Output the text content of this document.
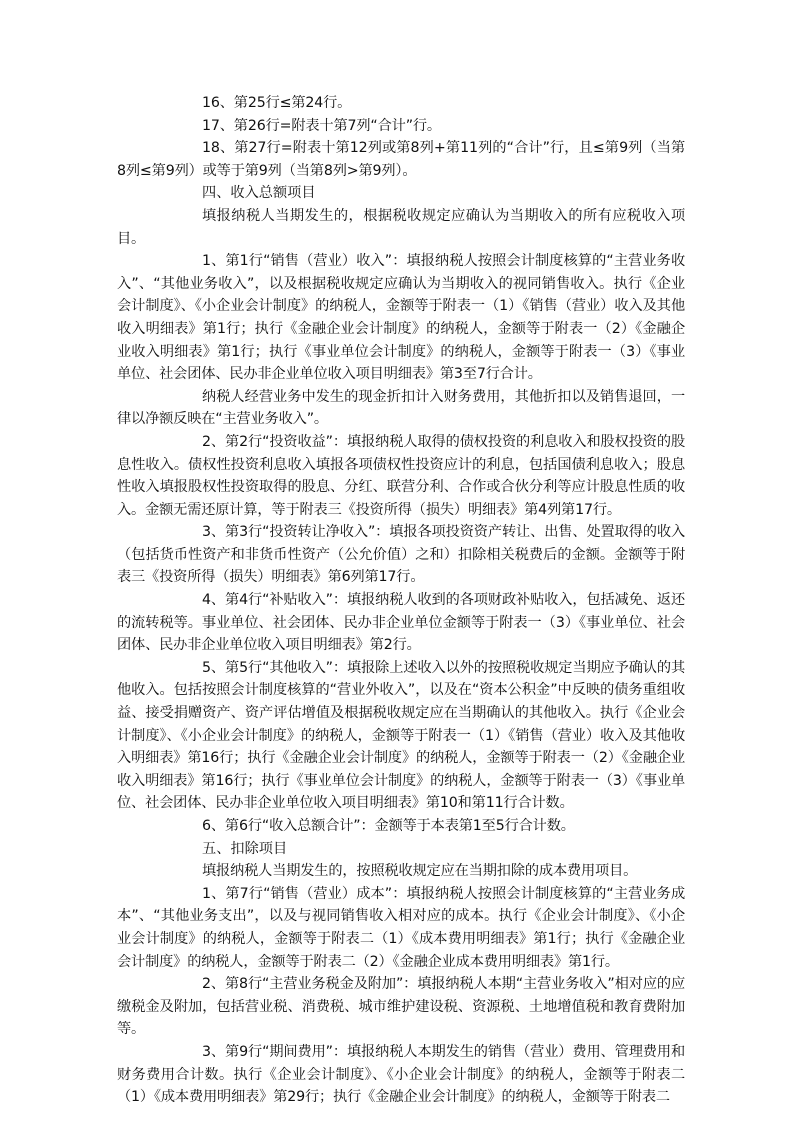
16、第25行≤第24行。

17、第26行=附表十第7列“合计”行。

18、第27行=附表十第12列或第8列+第11列的“合计”行，且≤第9列（当第8列≤第9列）或等于第9列（当第8列>第9列）。

四、收入总额项目

填报纳税人当期发生的，根据税收规定应确认为当期收入的所有应税收入项目。

1、第1行“销售（营业）收入”：填报纳税人按照会计制度核算的“主营业务收入”、“其他业务收入”，以及根据税收规定应确认为当期收入的视同销售收入。执行《企业会计制度》、《小企业会计制度》的纳税人，金额等于附表一（1）《销售（营业）收入及其他收入明细表》第1行；执行《金融企业会计制度》的纳税人，金额等于附表一（2）《金融企业收入明细表》第1行；执行《事业单位会计制度》的纳税人，金额等于附表一（3）《事业单位、社会团体、民办非企业单位收入项目明细表》第3至7行合计。

纳税人经营业务中发生的现金折扣计入财务费用，其他折扣以及销售退回，一律以净额反映在“主营业务收入”。

2、第2行“投资收益”：填报纳税人取得的债权投资的利息收入和股权投资的股息性收入。债权性投资利息收入填报各项债权性投资应计的利息，包括国债利息收入；股息性收入填报股权性投资取得的股息、分红、联营分利、合作或合伙分利等应计股息性质的收入。金额无需还原计算，等于附表三《投资所得（损失）明细表》第4列第17行。

3、第3行“投资转让净收入”：填报各项投资资产转让、出售、处置取得的收入（包括货币性资产和非货币性资产（公允价值）之和）扣除相关税费后的金额。金额等于附表三《投资所得（损失）明细表》第6列第17行。

4、第4行“补贴收入”：填报纳税人收到的各项财政补贴收入，包括减免、返还的流转税等。事业单位、社会团体、民办非企业单位金额等于附表一（3）《事业单位、社会团体、民办非企业单位收入项目明细表》第2行。

5、第5行“其他收入”：填报除上述收入以外的按照税收规定当期应予确认的其他收入。包括按照会计制度核算的“营业外收入”，以及在“资本公积金”中反映的债务重组收益、接受捐赠资产、资产评估增值及根据税收规定应在当期确认的其他收入。执行《企业会计制度》、《小企业会计制度》的纳税人，金额等于附表一（1）《销售（营业）收入及其他收入明细表》第16行；执行《金融企业会计制度》的纳税人，金额等于附表一（2）《金融企业收入明细表》第16行；执行《事业单位会计制度》的纳税人，金额等于附表一（3）《事业单位、社会团体、民办非企业单位收入项目明细表》第10和第11行合计数。

6、第6行“收入总额合计”：金额等于本表第1至5行合计数。

五、扣除项目

填报纳税人当期发生的，按照税收规定应在当期扣除的成本费用项目。

1、第7行“销售（营业）成本”：填报纳税人按照会计制度核算的“主营业务成本”、“其他业务支出”，以及与视同销售收入相对应的成本。执行《企业会计制度》、《小企业会计制度》的纳税人，金额等于附表二（1）《成本费用明细表》第1行；执行《金融企业会计制度》的纳税人，金额等于附表二（2）《金融企业成本费用明细表》第1行。

2、第8行“主营业务税金及附加”：填报纳税人本期“主营业务收入”相对应的应缴税金及附加，包括营业税、消费税、城市维护建设税、资源税、土地增值税和教育费附加等。

3、第9行“期间费用”：填报纳税人本期发生的销售（营业）费用、管理费用和财务费用合计数。执行《企业会计制度》、《小企业会计制度》的纳税人，金额等于附表二（1）《成本费用明细表》第29行；执行《金融企业会计制度》的纳税人，金额等于附表二
